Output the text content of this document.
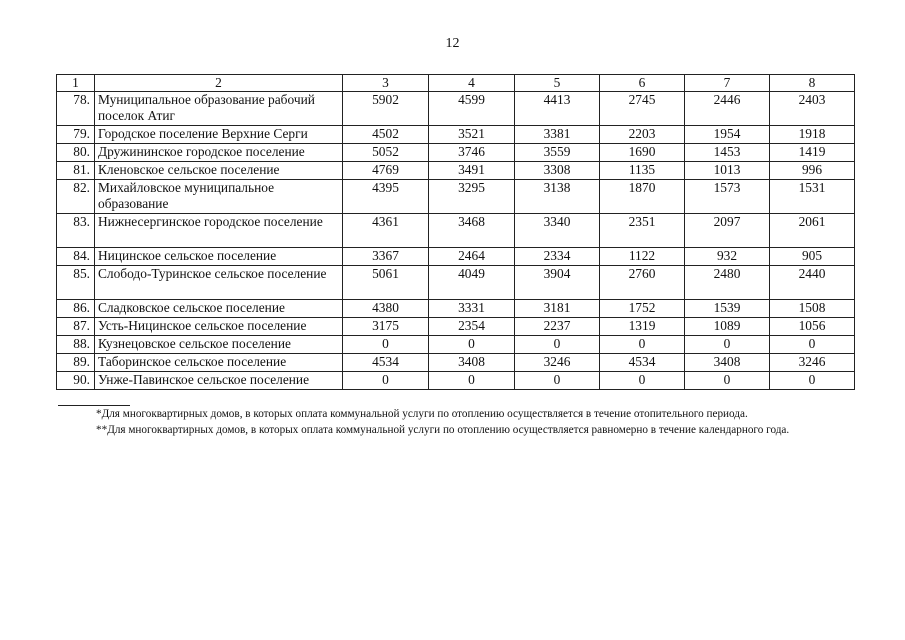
12
1	2	3	4	5	6	7	8
78.	Муниципальное образование рабочий поселок Атиг	5902	4599	4413	2745	2446	2403
79.	Городское поселение Верхние Серги	4502	3521	3381	2203	1954	1918
80.	Дружининское городское поселение	5052	3746	3559	1690	1453	1419
81.	Кленовское сельское поселение	4769	3491	3308	1135	1013	996
82.	Михайловское муниципальное образование	4395	3295	3138	1870	1573	1531
83.	Нижнесергинское городское поселение	4361	3468	3340	2351	2097	2061
84.	Ницинское сельское поселение	3367	2464	2334	1122	932	905
85.	Слободо-Туринское сельское поселение	5061	4049	3904	2760	2480	2440
86.	Сладковское сельское поселение	4380	3331	3181	1752	1539	1508
87.	Усть-Ницинское сельское поселение	3175	2354	2237	1319	1089	1056
88.	Кузнецовское сельское поселение	0	0	0	0	0	0
89.	Таборинское сельское поселение	4534	3408	3246	4534	3408	3246
90.	Унже-Павинское сельское поселение	0	0	0	0	0	0

*Для многоквартирных домов, в которых оплата коммунальной услуги по отоплению осуществляется в течение отопительного периода.

**Для многоквартирных домов, в которых оплата коммунальной услуги по отоплению осуществляется равномерно в течение календарного года.
